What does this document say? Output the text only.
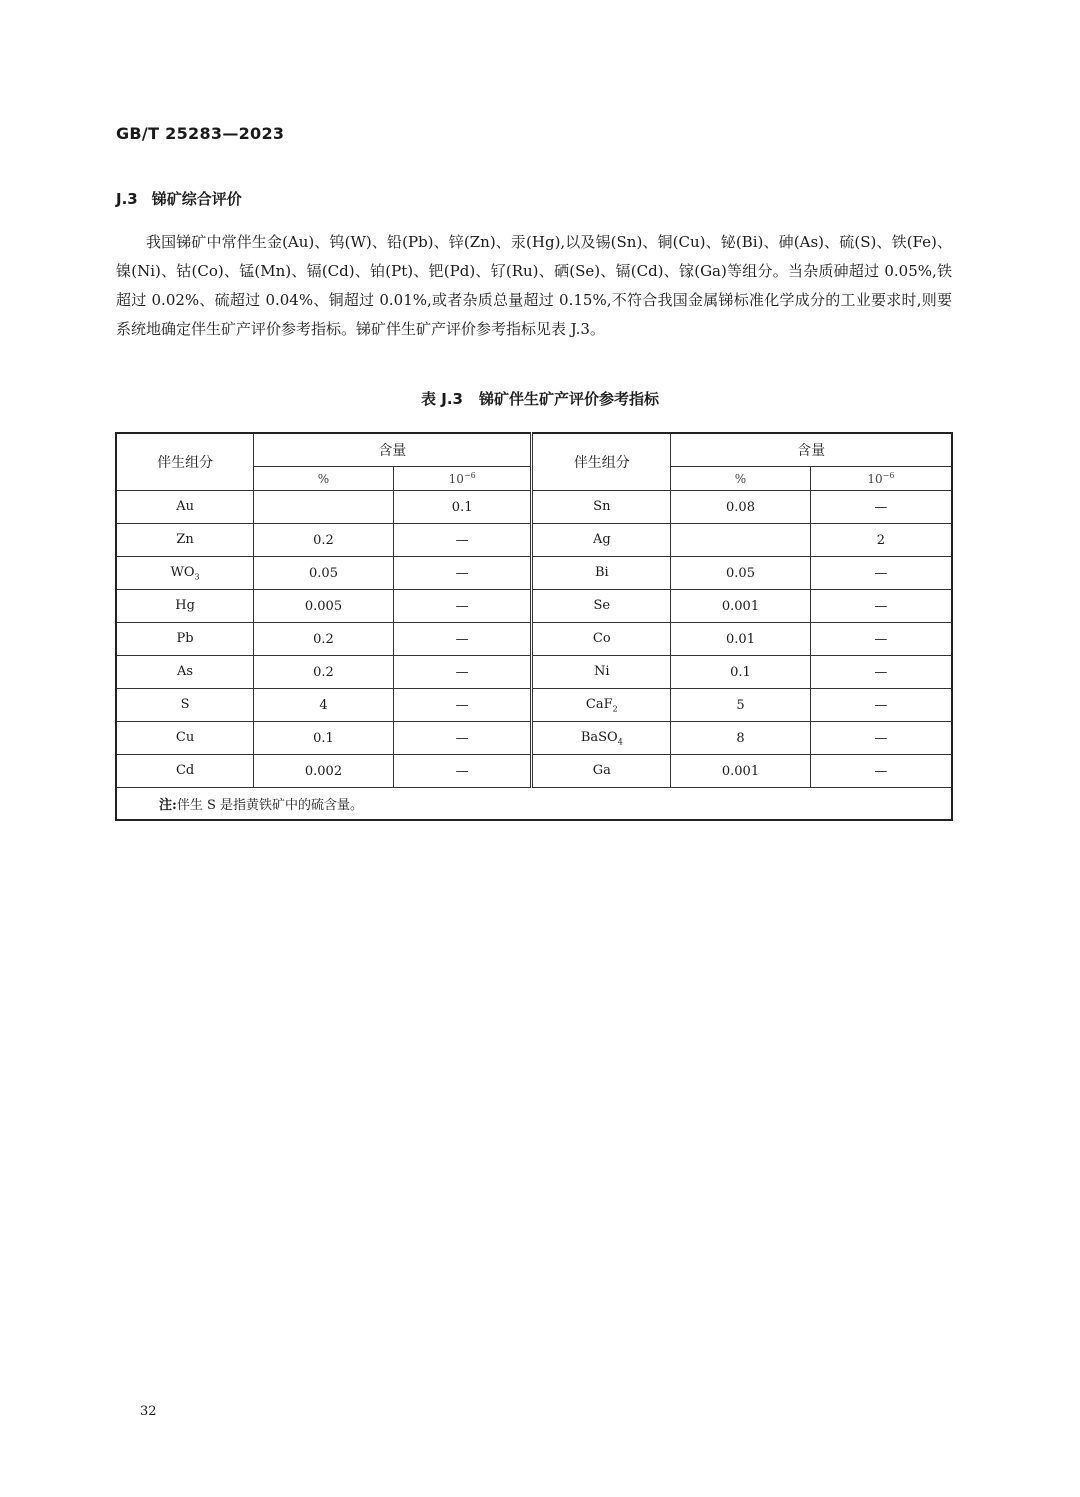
GB/T 25283—2023
J.3 锑矿综合评价
我国锑矿中常伴生金(Au)、钨(W)、铅(Pb)、锌(Zn)、汞(Hg),以及锡(Sn)、铜(Cu)、铋(Bi)、砷(As)、硫(S)、铁(Fe)、镍(Ni)、钴(Co)、锰(Mn)、镉(Cd)、铂(Pt)、钯(Pd)、钌(Ru)、硒(Se)、镉(Cd)、镓(Ga)等组分。当杂质砷超过 0.05%,铁超过 0.02%、硫超过 0.04%、铜超过 0.01%,或者杂质总量超过 0.15%,不符合我国金属锑标准化学成分的工业要求时,则要系统地确定伴生矿产评价参考指标。锑矿伴生矿产评价参考指标见表 J.3。
表 J.3 锑矿伴生矿产评价参考指标
伴生组分	含量		伴生组分	含量	
	%	$10^{-6}$		%	$10^{-6}$
Au		0.1	Sn	0.08	—
Zn	0.2	—	Ag		2
$WO_3$	0.05	—	Bi	0.05	—
Hg	0.005	—	Se	0.001	—
Pb	0.2	—	Co	0.01	—
As	0.2	—	Ni	0.1	—
S	4	—	CaF$_2$	5	—
Cu	0.1	—	BaSO$_4$	8	—
Cd	0.002	—	Ga	0.001	—
注:伴生 S 是指黄铁矿中的硫含量。					
32
